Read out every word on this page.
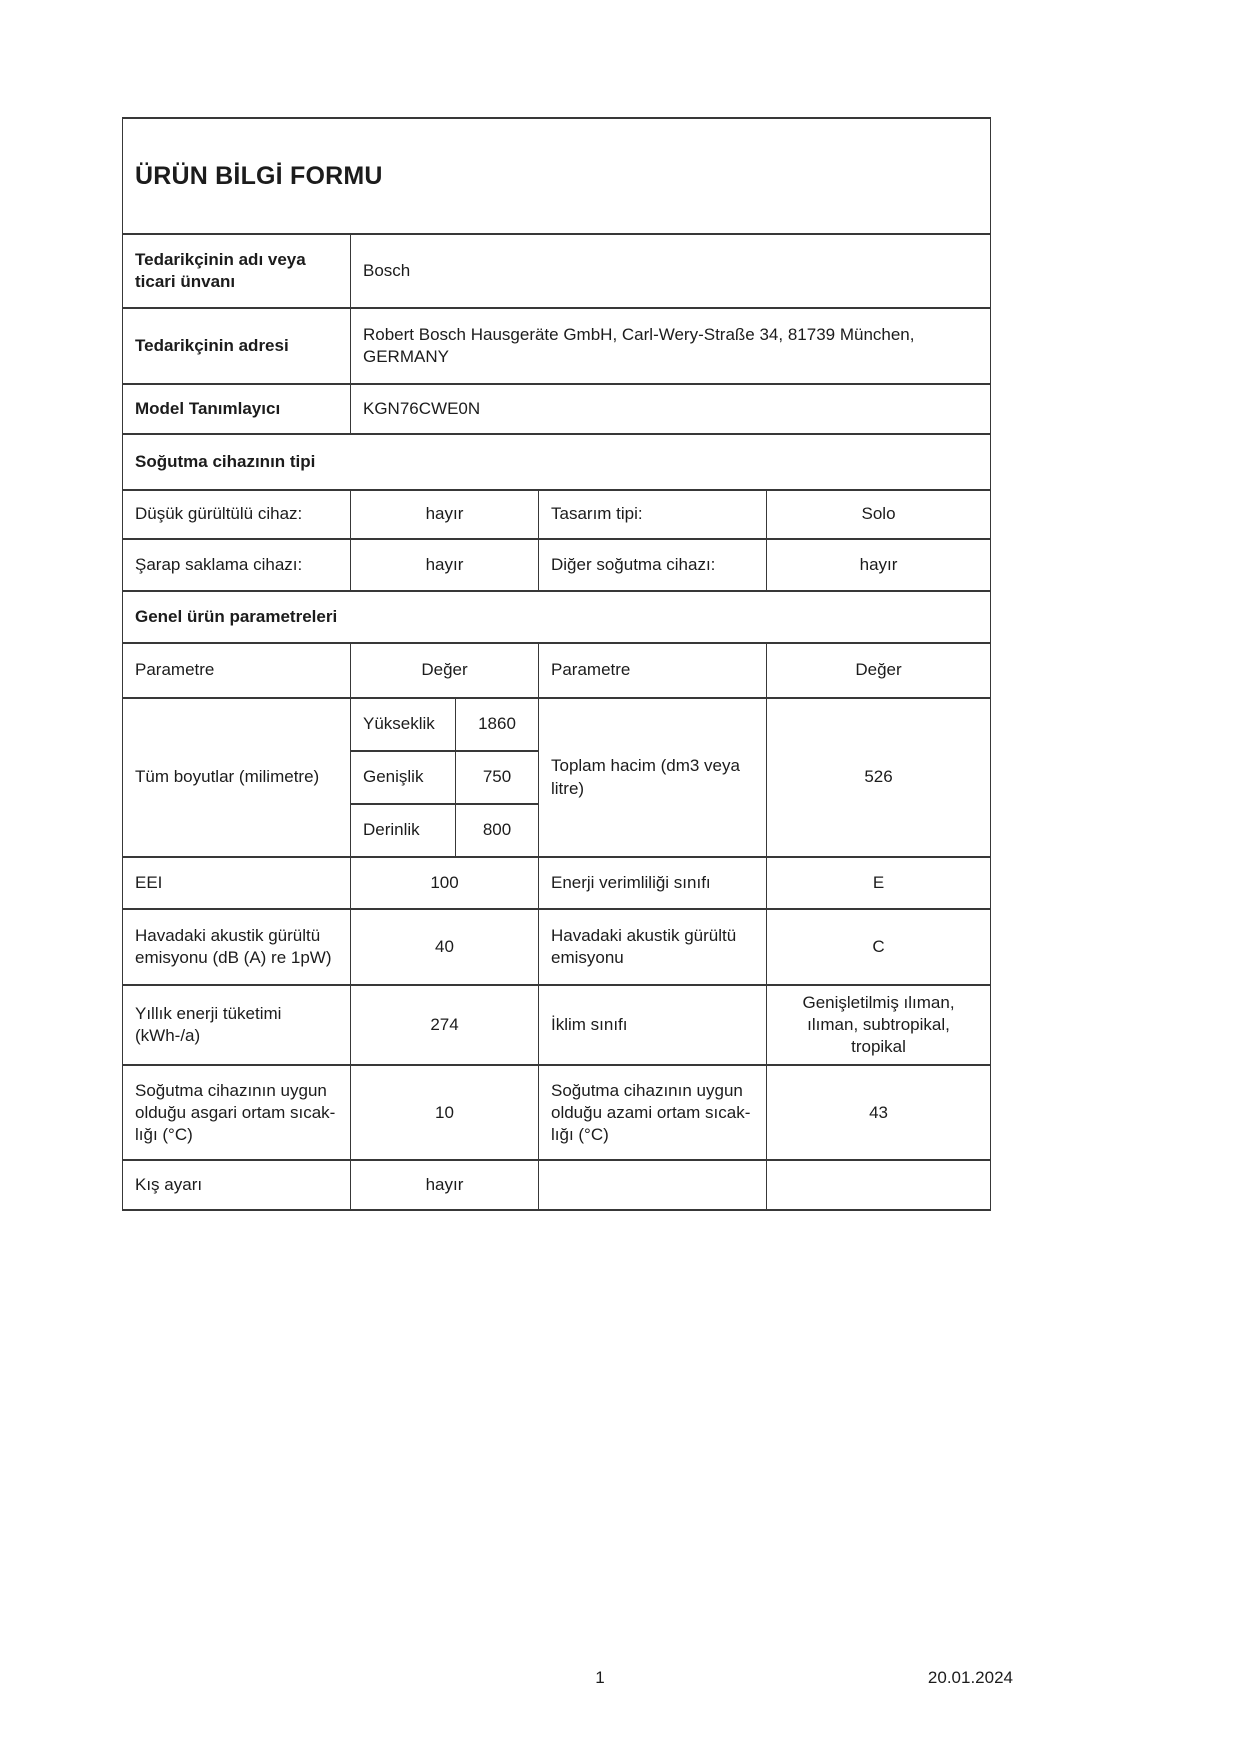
ÜRÜN BİLGİ FORMU				
Tedarikçinin adı veya ticari ünvanı	Bosch			
Tedarikçinin adresi	Robert Bosch Hausgeräte GmbH, Carl-Wery-Straße 34, 81739 München, GERMANY			
Model Tanımlayıcı	KGN76CWE0N			
Soğutma cihazının tipi				
Düşük gürültülü cihaz:	hayır		Tasarım tipi:	Solo
Şarap saklama cihazı:	hayır		Diğer soğutma cihazı:	hayır
Genel ürün parametreleri				
Parametre	Değer		Parametre	Değer
Tüm boyutlar (milimetre)	Yükseklik	1860	Toplam hacim (dm3 veya litre)	526
	Genişlik	750		
	Derinlik	800		
EEI	100		Enerji verimliliği sınıfı	E
Havadaki akustik gürültü emisyonu (dB (A) re 1pW)	40		Havadaki akustik gürültü emisyonu	C
Yıllık enerji tüketimi (kWh-/a)	274		İklim sınıfı	Genişletilmiş ılıman, ılıman, subtropikal, tropikal
Soğutma cihazının uygun olduğu asgari ortam sıcak-lığı (°C)	10		Soğutma cihazının uygun olduğu azami ortam sıcak-lığı (°C)	43
Kış ayarı	hayır			
1	20.01.2024
